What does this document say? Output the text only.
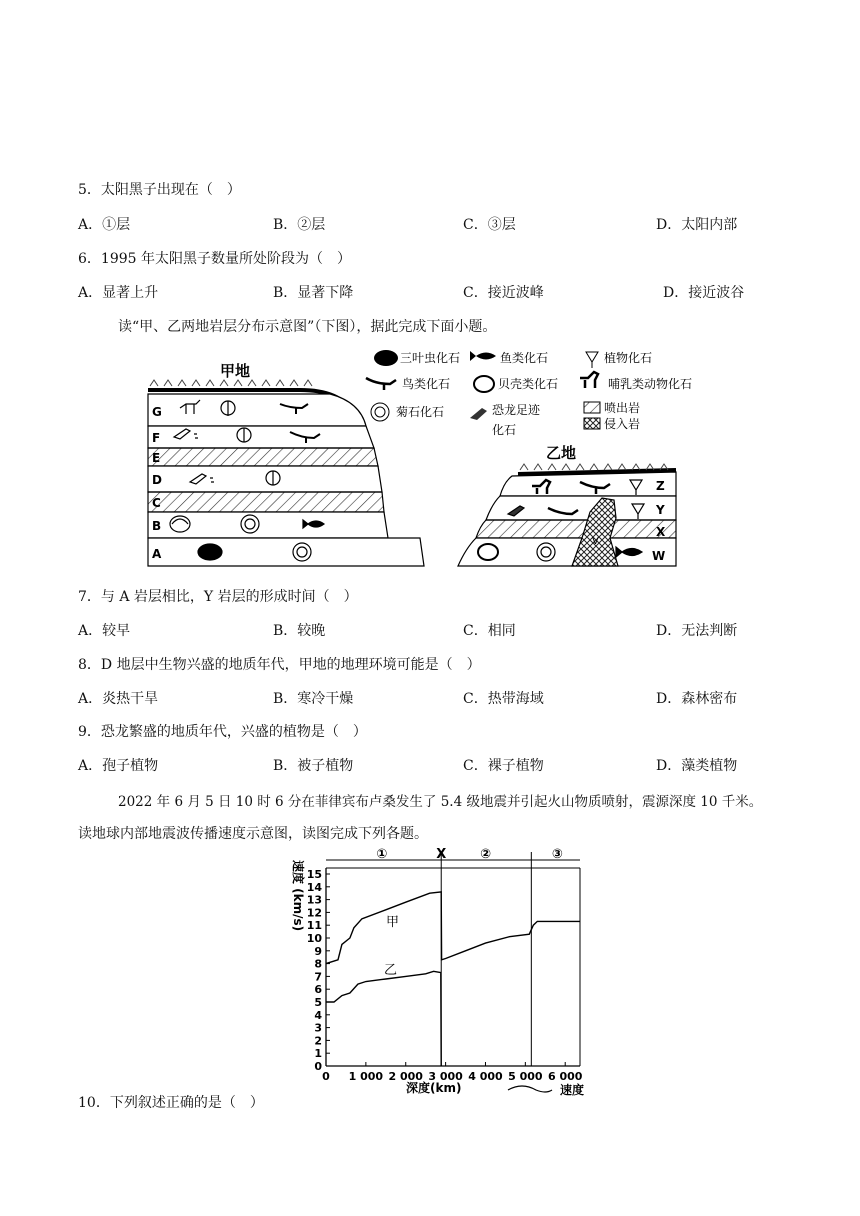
5．太阳黑子出现在（　）
A．①层	B．②层	C．③层	D．太阳内部
6．1995 年太阳黑子数量所处阶段为（　）
A．显著上升	B．显著下降	C．接近波峰	D．接近波谷
读“甲、乙两地岩层分布示意图”（下图），据此完成下面小题。
甲地
G
F
E
D
C
B
A
三叶虫化石	鱼类化石	植物化石
鸟类化石	贝壳类化石	哺乳类动物化石
菊石化石	恐龙足迹
化石
喷出岩
侵入岩
乙地
V
Z
Y
X
W
7．与 A 岩层相比，Y 岩层的形成时间（　）
A．较早	B．较晚	C．相同	D．无法判断
8．D 地层中生物兴盛的地质年代，甲地的地理环境可能是（　）
A．炎热干旱	B．寒冷干燥	C．热带海域	D．森林密布
9．恐龙繁盛的地质年代，兴盛的植物是（　）
A．孢子植物	B．被子植物	C．裸子植物	D．藻类植物
2022 年 6 月 5 日 10 时 6 分在菲律宾布卢桑发生了 5.4 级地震并引起火山物质喷射，震源深度 10 千米。
读地球内部地震波传播速度示意图，读图完成下列各题。
速度 (km/s)
深度(km)	速度
甲
乙
0
1
2
3
4
5
6
7
8
9
10
11
12
13
14
15
0 1 000 2 000 3 000 4 000 5 000 6 000
①	X	②	③
10．下列叙述正确的是（　）
